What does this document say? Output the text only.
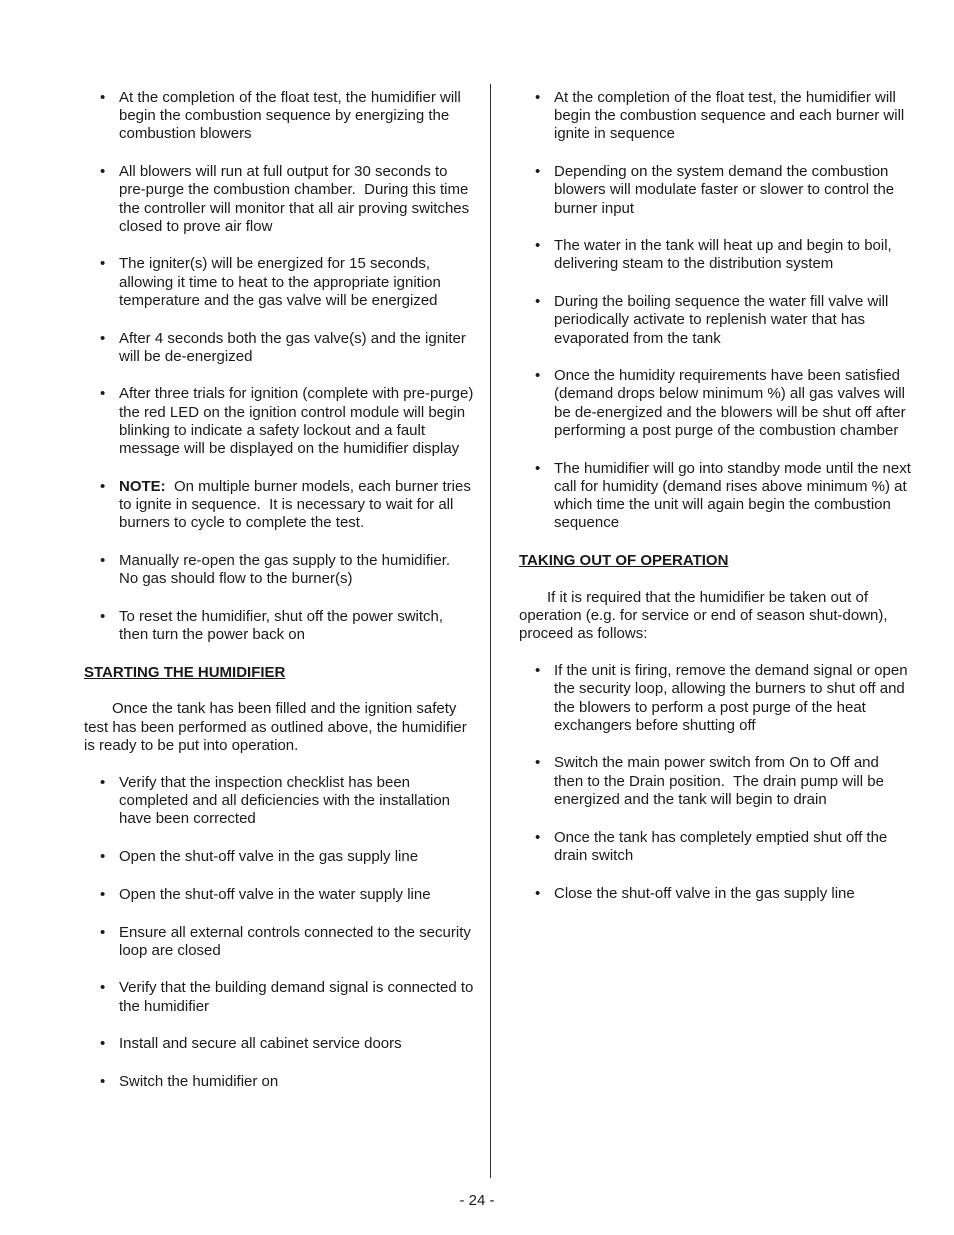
• At the completion of the float test, the humidifier will begin the combustion sequence by energizing the combustion blowers
• All blowers will run at full output for 30 seconds to pre-purge the combustion chamber.  During this time the controller will monitor that all air proving switches closed to prove air flow
• The igniter(s) will be energized for 15 seconds, allowing it time to heat to the appropriate ignition temperature and the gas valve will be energized
• After 4 seconds both the gas valve(s) and the igniter will be de-energized
• After three trials for ignition (complete with pre-purge) the red LED on the ignition control module will begin blinking to indicate a safety lockout and a fault message will be displayed on the humidifier display
• NOTE:  On multiple burner models, each burner tries to ignite in sequence.  It is necessary to wait for all burners to cycle to complete the test.
• Manually re-open the gas supply to the humidifier.  No gas should flow to the burner(s)
• To reset the humidifier, shut off the power switch, then turn the power back on
STARTING THE HUMIDIFIER

Once the tank has been filled and the ignition safety test has been performed as outlined above, the humidifier is ready to be put into operation.

• Verify that the inspection checklist has been completed and all deficiencies with the installation have been corrected
• Open the shut-off valve in the gas supply line
• Open the shut-off valve in the water supply line
• Ensure all external controls connected to the security loop are closed
• Verify that the building demand signal is connected to the humidifier
• Install and secure all cabinet service doors
• Switch the humidifier on
• At the completion of the float test, the humidifier will begin the combustion sequence and each burner will ignite in sequence
• Depending on the system demand the combustion blowers will modulate faster or slower to control the burner input
• The water in the tank will heat up and begin to boil, delivering steam to the distribution system
• During the boiling sequence the water fill valve will periodically activate to replenish water that has evaporated from the tank
• Once the humidity requirements have been satisfied (demand drops below minimum %) all gas valves will be de-energized and the blowers will be shut off after performing a post purge of the combustion chamber
• The humidifier will go into standby mode until the next call for humidity (demand rises above minimum %) at which time the unit will again begin the combustion sequence
TAKING OUT OF OPERATION

If it is required that the humidifier be taken out of operation (e.g. for service or end of season shut-down), proceed as follows:

• If the unit is firing, remove the demand signal or open the security loop, allowing the burners to shut off and the blowers to perform a post purge of the heat exchangers before shutting off
• Switch the main power switch from On to Off and then to the Drain position.  The drain pump will be energized and the tank will begin to drain
• Once the tank has completely emptied shut off the drain switch
• Close the shut-off valve in the gas supply line
- 24 -
